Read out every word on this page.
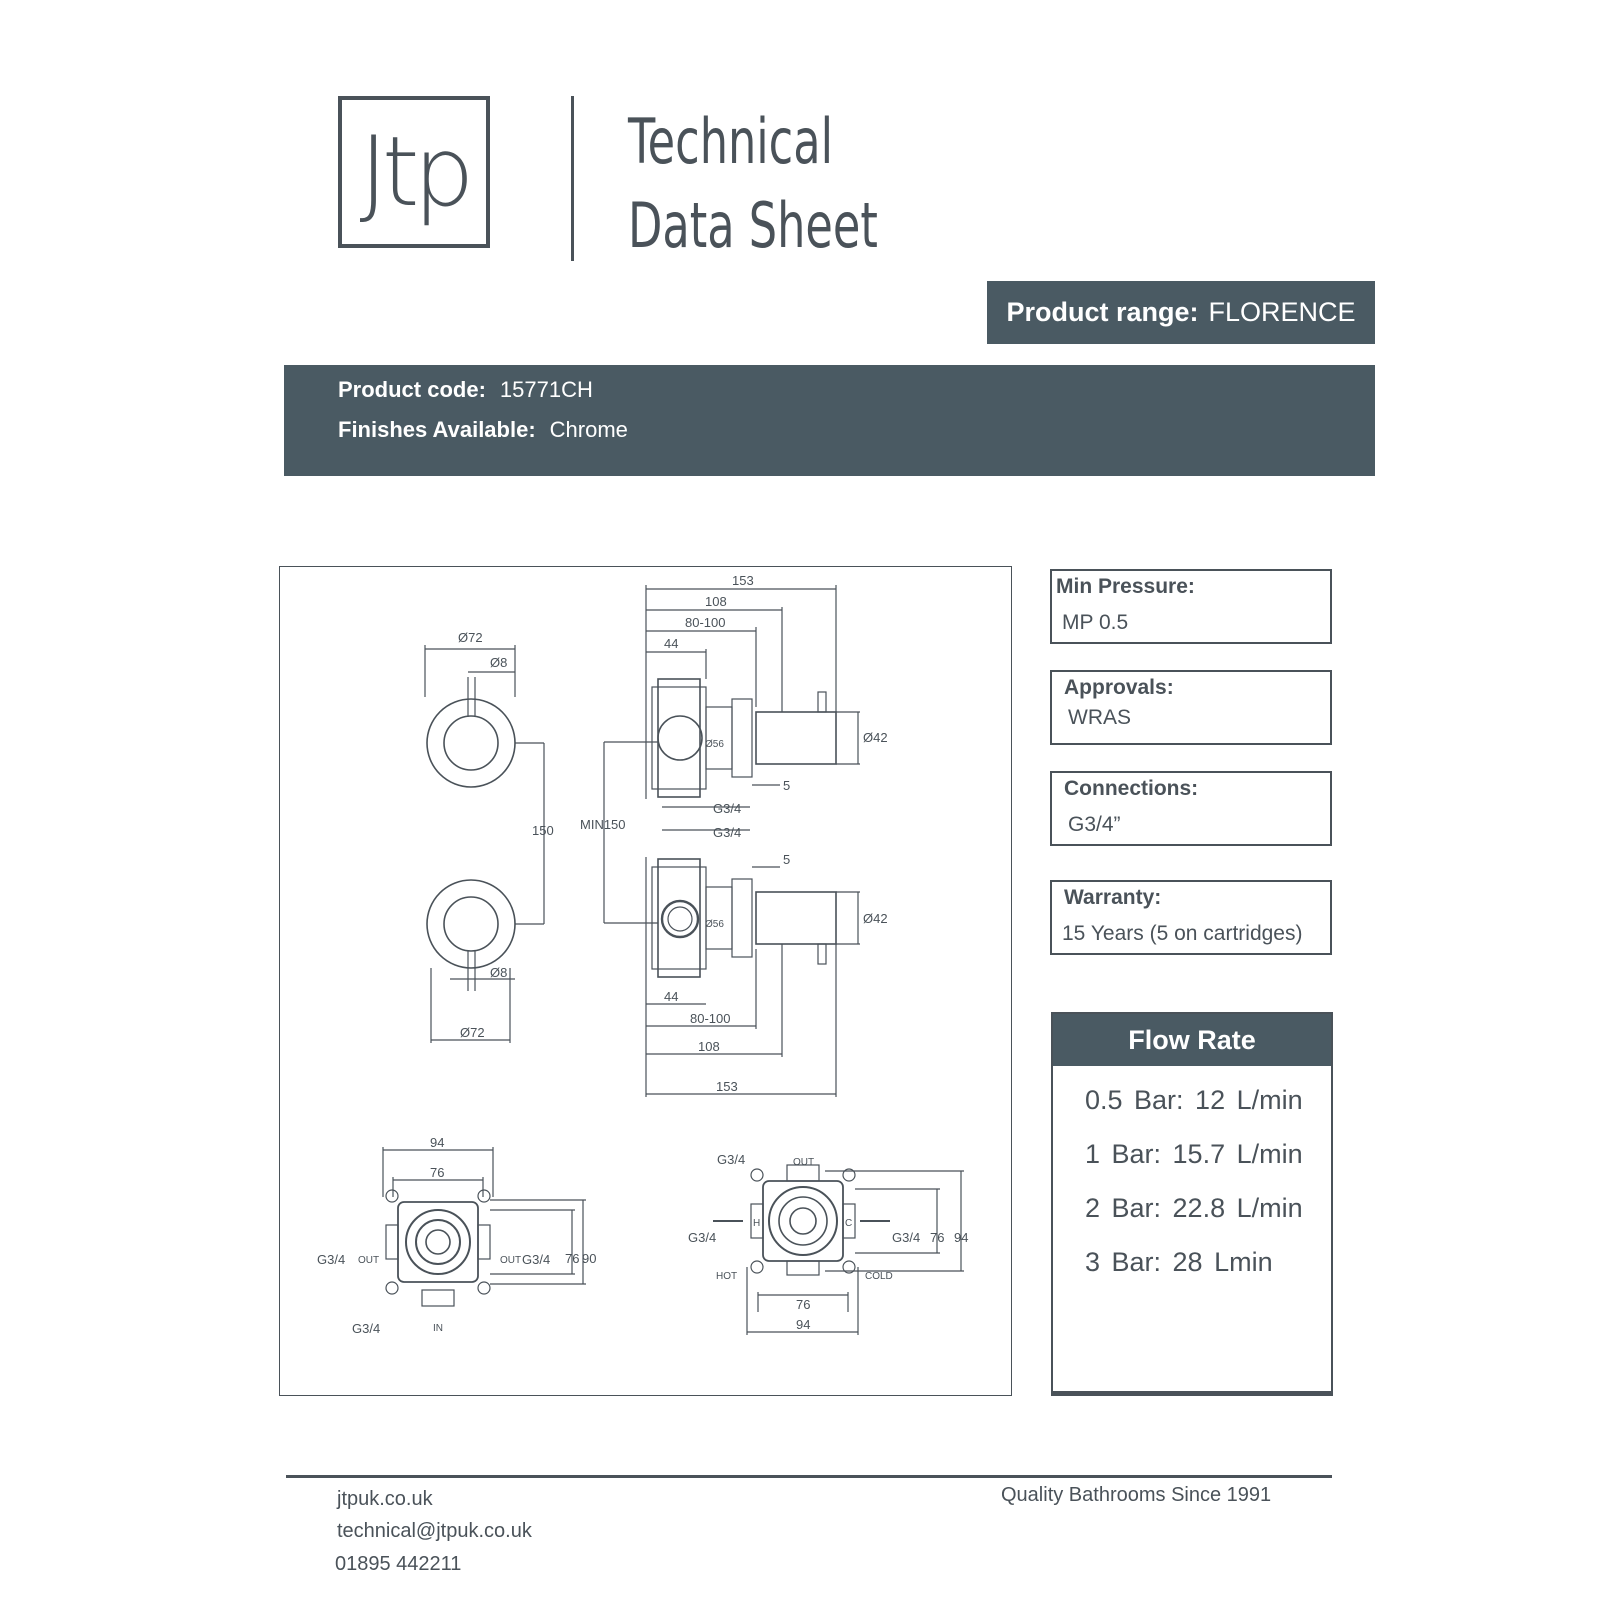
Jtp	Technical
Data Sheet
Product range: FLORENCE
Product code: 15771CH
Finishes Available: Chrome
Ø72
Ø8
150
Ø8
Ø72
153
108
80-100
44
Ø56	Ø42
5
G3/4
MIN150
G3/4
5
Ø56	Ø42
44
80-100
108
153
94
76
G3/4 OUT	OUT G3/4 76 90
G3/4	IN
G3/4	OUT
G3/4
H
HOT
C
G3/4
COLD
76 94
76
94
Min Pressure:
MP 0.5
Approvals:
WRAS
Connections:
G3/4”
Warranty:
15 Years (5 on cartridges)
Flow Rate
0.5 Bar: 12 L/min
1 Bar: 15.7 L/min
2 Bar: 22.8 L/min
3 Bar: 28 Lmin
jtpuk.co.uk
technical@jtpuk.co.uk
01895 442211
Quality Bathrooms Since 1991
